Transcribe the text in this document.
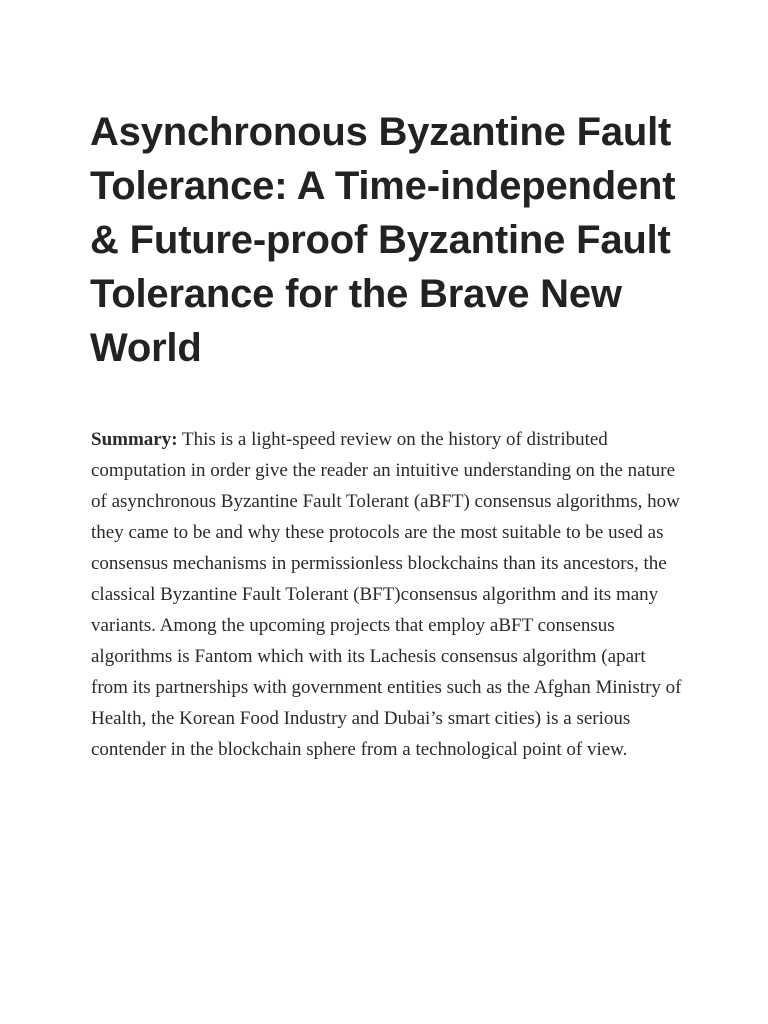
Asynchronous Byzantine Fault Tolerance: A Time-independent & Future-proof Byzantine Fault Tolerance for the Brave New World

Summary: This is a light-speed review on the history of distributed computation in order give the reader an intuitive understanding on the nature of asynchronous Byzantine Fault Tolerant (aBFT) consensus algorithms, how they came to be and why these protocols are the most suitable to be used as consensus mechanisms in permissionless blockchains than its ancestors, the classical Byzantine Fault Tolerant (BFT)consensus algorithm and its many variants. Among the upcoming projects that employ aBFT consensus algorithms is Fantom which with its Lachesis consensus algorithm (apart from its partnerships with government entities such as the Afghan Ministry of Health, the Korean Food Industry and Dubai’s smart cities) is a serious contender in the blockchain sphere from a technological point of view.
